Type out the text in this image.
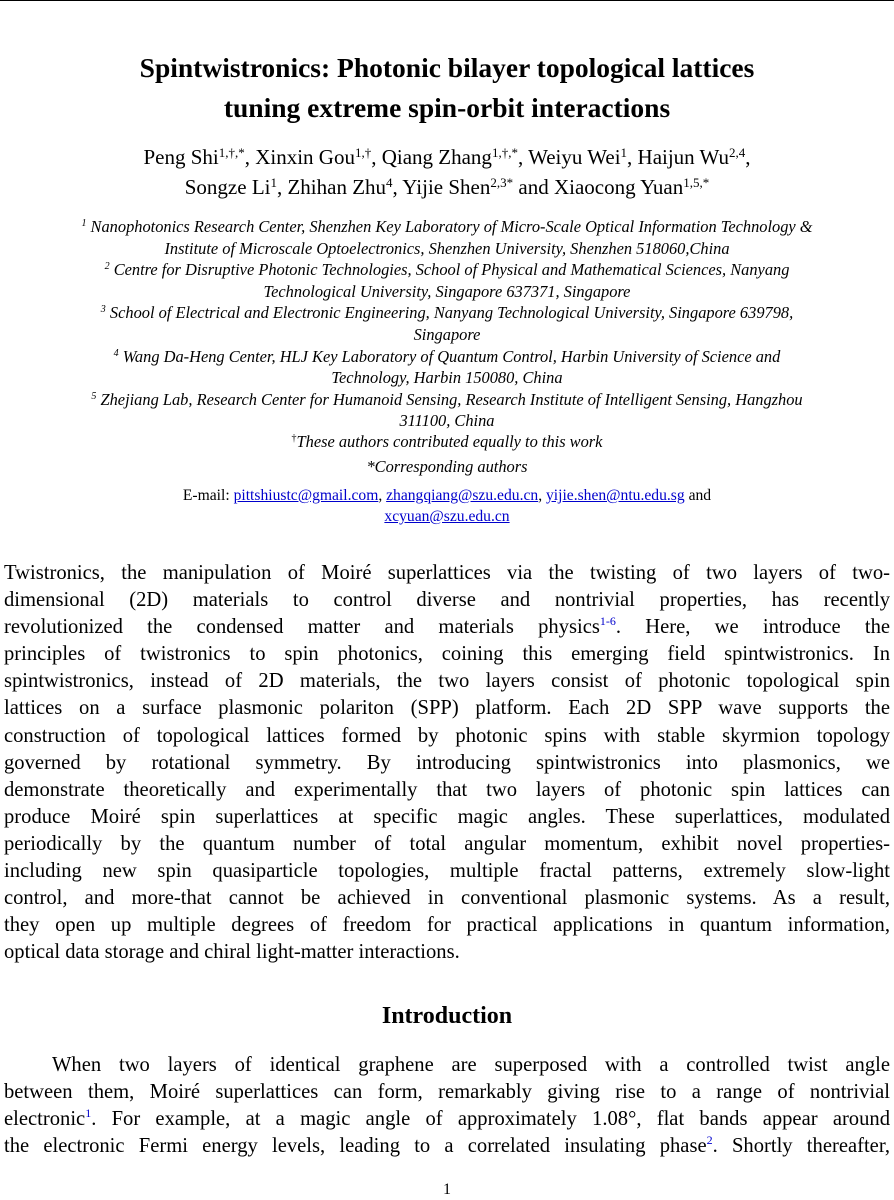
Spintwistronics: Photonic bilayer topological lattices
tuning extreme spin-orbit interactions
Peng Shi$^{1,\dagger,*}$, Xinxin Gou$^{1,\dagger}$, Qiang Zhang$^{1,\dagger,*}$, Weiyu Wei$^1$, Haijun Wu$^{2,4}$,
Songze Li$^1$, Zhihan Zhu$^4$, Yijie Shen$^{2,3*}$ and Xiaocong Yuan$^{1,5,*}$
$^1$ Nanophotonics Research Center, Shenzhen Key Laboratory of Micro-Scale Optical Information Technology &
Institute of Microscale Optoelectronics, Shenzhen University, Shenzhen 518060,China
$^2$ Centre for Disruptive Photonic Technologies, School of Physical and Mathematical Sciences, Nanyang
Technological University, Singapore 637371, Singapore
$^3$ School of Electrical and Electronic Engineering, Nanyang Technological University, Singapore 639798,
Singapore
$^4$ Wang Da-Heng Center, HLJ Key Laboratory of Quantum Control, Harbin University of Science and
Technology, Harbin 150080, China
$^5$ Zhejiang Lab, Research Center for Humanoid Sensing, Research Institute of Intelligent Sensing, Hangzhou
311100, China
†These authors contributed equally to this work
*Corresponding authors
E-mail: pittshiustc@gmail.com, zhangqiang@szu.edu.cn, yijie.shen@ntu.edu.sg and
xcyuan@szu.edu.cn
Twistronics, the manipulation of Moiré superlattices via the twisting of two layers of two-
dimensional (2D) materials to control diverse and nontrivial properties, has recently
revolutionized the condensed matter and materials physics$^{1-6}$. Here, we introduce the
principles of twistronics to spin photonics, coining this emerging field spintwistronics. In
spintwistronics, instead of 2D materials, the two layers consist of photonic topological spin
lattices on a surface plasmonic polariton (SPP) platform. Each 2D SPP wave supports the
construction of topological lattices formed by photonic spins with stable skyrmion topology
governed by rotational symmetry. By introducing spintwistronics into plasmonics, we
demonstrate theoretically and experimentally that two layers of photonic spin lattices can
produce Moiré spin superlattices at specific magic angles. These superlattices, modulated
periodically by the quantum number of total angular momentum, exhibit novel properties-
including new spin quasiparticle topologies, multiple fractal patterns, extremely slow-light
control, and more-that cannot be achieved in conventional plasmonic systems. As a result,
they open up multiple degrees of freedom for practical applications in quantum information,
optical data storage and chiral light-matter interactions.
Introduction
When two layers of identical graphene are superposed with a controlled twist angle
between them, Moiré superlattices can form, remarkably giving rise to a range of nontrivial
electronic$^1$. For example, at a magic angle of approximately 1.08°, flat bands appear around
the electronic Fermi energy levels, leading to a correlated insulating phase$^2$. Shortly thereafter,
1
